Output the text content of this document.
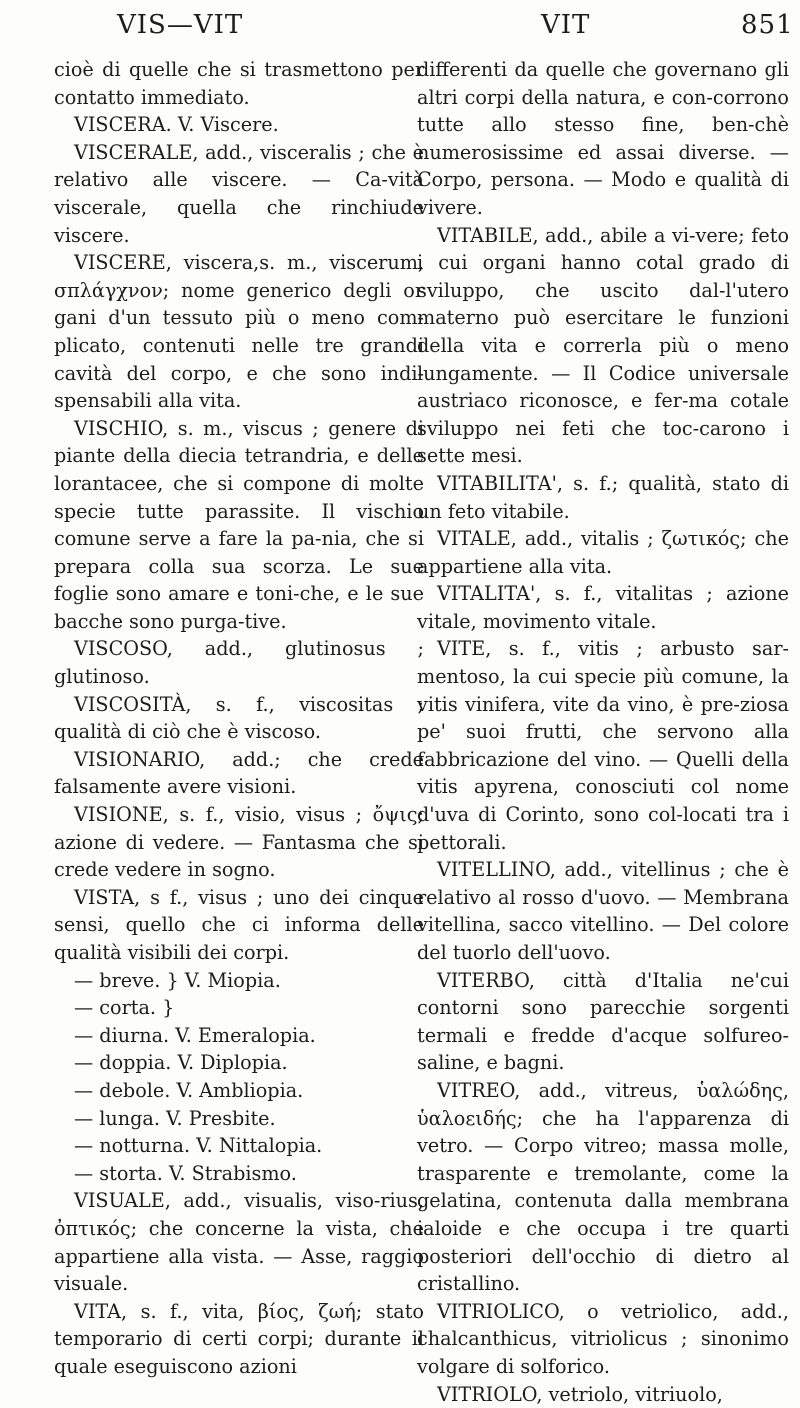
VIS—VIT	VIT	851

cioè di quelle che si trasmettono per contatto immediato.

VISCERA. V. Viscere.

VISCERALE, add., visceralis ; che è relativo alle viscere. — Ca-vità viscerale, quella che rinchiude viscere.

VISCERE, viscera,s. m., viscerum, σπλάγχνον; nome generico degli or gani d'un tessuto più o meno com-plicato, contenuti nelle tre grandi cavità del corpo, e che sono indi-spensabili alla vita.

VISCHIO, s. m., viscus ; genere di piante della diecia tetrandria, e delle lorantacee, che si compone di molte specie tutte parassite. Il vischio comune serve a fare la pa-nia, che si prepara colla sua scorza. Le sue foglie sono amare e toni-che, e le sue bacche sono purga-tive.

VISCOSO, add., glutinosus ; glutinoso.

VISCOSITÀ, s. f., viscositas ; qualità di ciò che è viscoso.

VISIONARIO, add.; che crede falsamente avere visioni.

VISIONE, s. f., visio, visus ; ὄψις; azione di vedere. — Fantasma che si crede vedere in sogno.

VISTA, s f., visus ; uno dei cinque sensi, quello che ci informa delle qualità visibili dei corpi.

— breve. } V. Miopia.

— corta. }

— diurna. V. Emeralopia.

— doppia. V. Diplopia.

— debole. V. Ambliopia.

— lunga. V. Presbite.

— notturna. V. Nittalopia.

— storta. V. Strabismo.

VISUALE, add., visualis, viso-rius, ὀπτικός; che concerne la vista, che appartiene alla vista. — Asse, raggio visuale.

VITA, s. f., vita, βίος, ζωή; stato temporario di certi corpi; durante il quale eseguiscono azioni

differenti da quelle che governano gli altri corpi della natura, e con-corrono tutte allo stesso fine, ben-chè numerosissime ed assai diverse. — Corpo, persona. — Modo e qualità di vivere.

VITABILE, add., abile a vi-vere; feto i cui organi hanno cotal grado di sviluppo, che uscito dal-l'utero materno può esercitare le funzioni della vita e correrla più o meno lungamente. — Il Codice universale austriaco riconosce, e fer-ma cotale sviluppo nei feti che toc-carono i sette mesi.

VITABILITA', s. f.; qualità, stato di un feto vitabile.

VITALE, add., vitalis ; ζωτικός; che appartiene alla vita.

VITALITA', s. f., vitalitas ; azione vitale, movimento vitale.

VITE, s. f., vitis ; arbusto sar-mentoso, la cui specie più comune, la vitis vinifera, vite da vino, è pre-ziosa pe' suoi frutti, che servono alla fabbricazione del vino. — Quelli della vitis apyrena, conosciuti col nome d'uva di Corinto, sono col-locati tra i pettorali.

VITELLINO, add., vitellinus ; che è relativo al rosso d'uovo. — Membrana vitellina, sacco vitellino. — Del colore del tuorlo dell'uovo.

VITERBO, città d'Italia ne'cui contorni sono parecchie sorgenti termali e fredde d'acque solfureo-saline, e bagni.

VITREO, add., vitreus, ὑαλώδης, ὑαλοειδής; che ha l'apparenza di vetro. — Corpo vitreo; massa molle, trasparente e tremolante, come la gelatina, contenuta dalla membrana ialoide e che occupa i tre quarti posteriori dell'occhio di dietro al cristallino.

VITRIOLICO, o vetriolico, add., chalcanthicus, vitriolicus ; sinonimo volgare di solforico.

VITRIOLO, vetriolo, vitriuolo,
